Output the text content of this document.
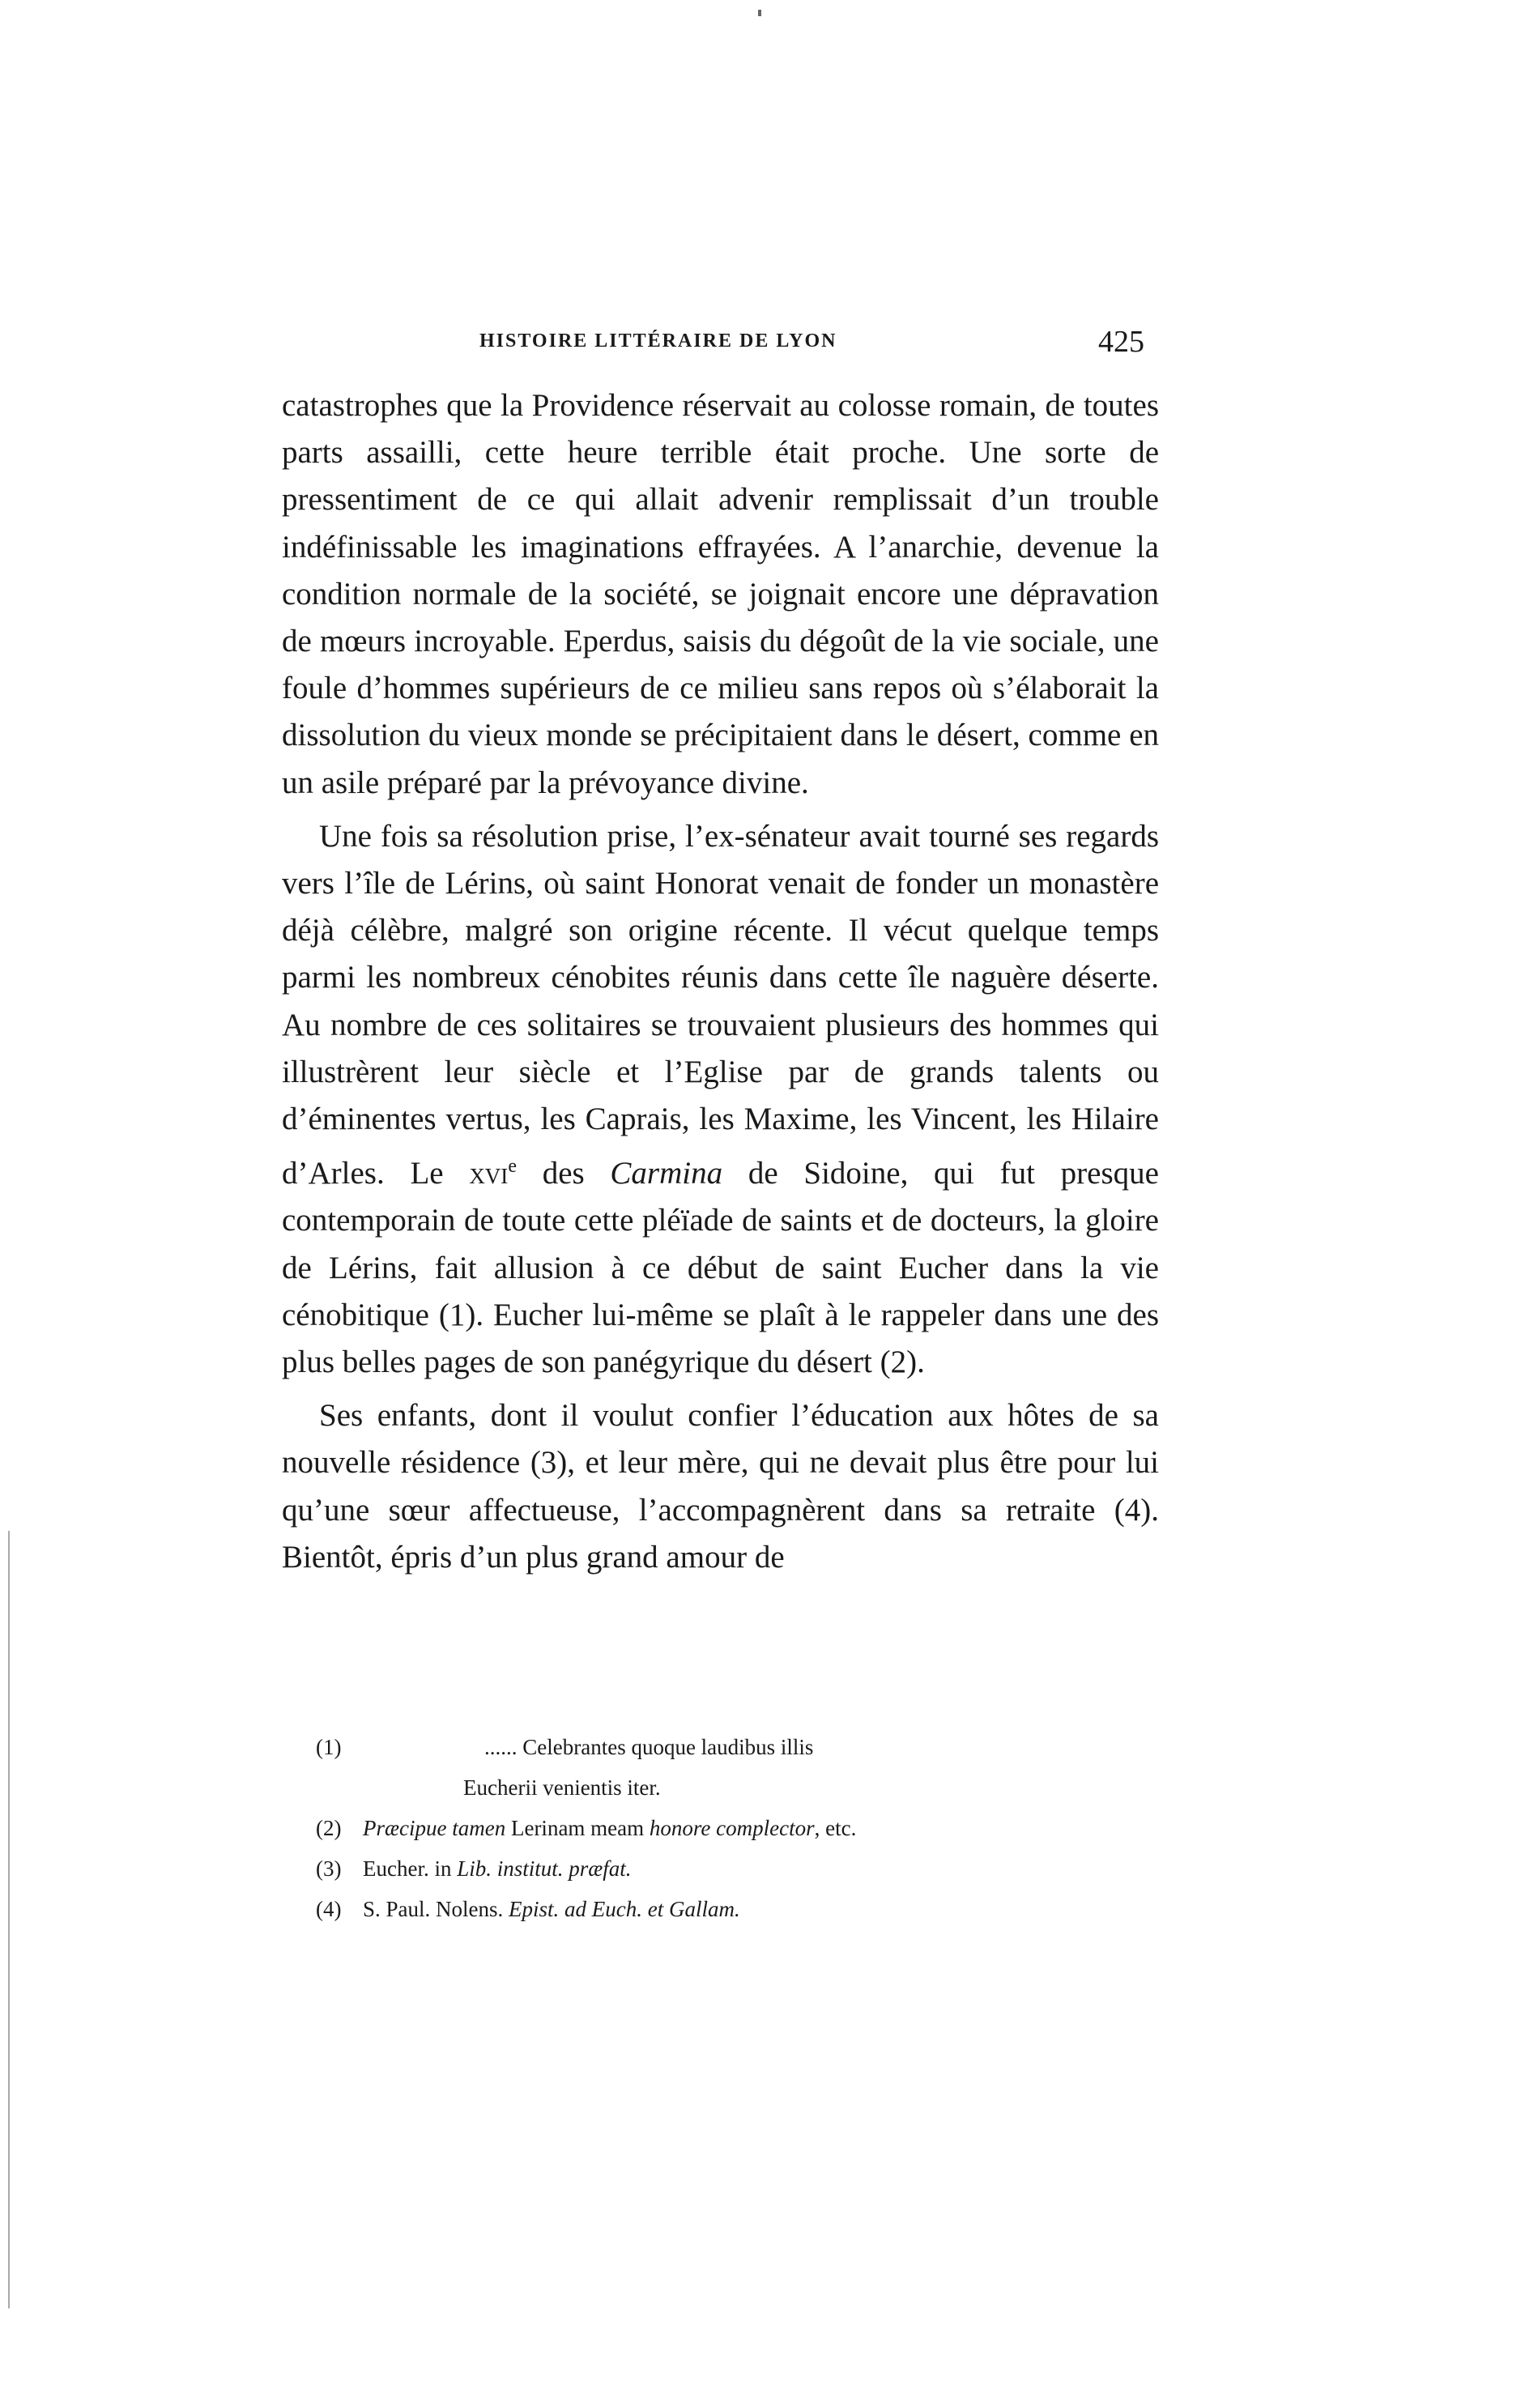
HISTOIRE LITTÉRAIRE DE LYON	425

catastrophes que la Providence réservait au colosse romain, de toutes parts assailli, cette heure terrible était proche. Une sorte de pressentiment de ce qui allait advenir remplissait d’un trouble indéfinissable les imaginations effrayées. A l’anarchie, devenue la condition normale de la société, se joignait encore une dépravation de mœurs incroyable. Eperdus, saisis du dégoût de la vie sociale, une foule d’hommes supérieurs de ce milieu sans repos où s’élaborait la dissolution du vieux monde se précipitaient dans le désert, comme en un asile préparé par la prévoyance divine.

Une fois sa résolution prise, l’ex-sénateur avait tourné ses regards vers l’île de Lérins, où saint Honorat venait de fonder un monastère déjà célèbre, malgré son origine récente. Il vécut quelque temps parmi les nombreux cénobites réunis dans cette île naguère déserte. Au nombre de ces solitaires se trouvaient plusieurs des hommes qui illustrèrent leur siècle et l’Eglise par de grands talents ou d’éminentes vertus, les Caprais, les Maxime, les Vincent, les Hilaire d’Arles. Le xvi$^e$ des Carmina de Sidoine, qui fut presque contemporain de toute cette pléïade de saints et de docteurs, la gloire de Lérins, fait allusion à ce début de saint Eucher dans la vie cénobitique (1). Eucher lui-même se plaît à le rappeler dans une des plus belles pages de son panégyrique du désert (2).

Ses enfants, dont il voulut confier l’éducation aux hôtes de sa nouvelle résidence (3), et leur mère, qui ne devait plus être pour lui qu’une sœur affectueuse, l’accompagnèrent dans sa retraite (4). Bientôt, épris d’un plus grand amour de

(1)	...... Celebrantes quoque laudibus illis
Eucherii venientis iter.
(2) Præcipue tamen Lerinam meam honore complector, etc.
(3) Eucher. in Lib. institut. præfat.
(4) S. Paul. Nolens. Epist. ad Euch. et Gallam.
